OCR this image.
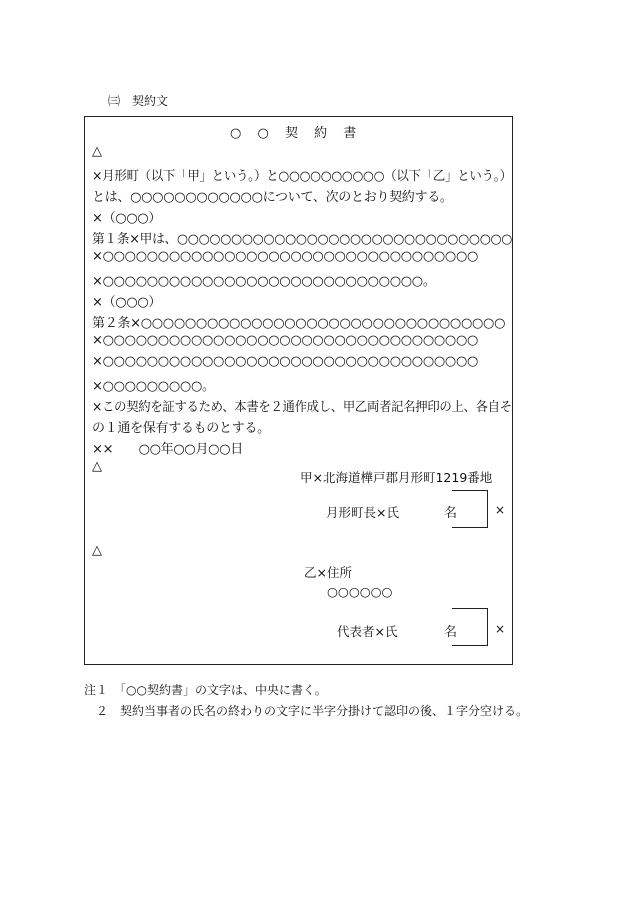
㈢　契約文
○ ○ 契 約 書
△
×月形町（以下「甲」という。）と○○○○○○○○○○（以下「乙」という。）
とは、○○○○○○○○○○○○について、次のとおり契約する。
×（○○○）
第１条×甲は、○○○○○○○○○○○○○○○○○○○○○○○○○○○○○○○
×○○○○○○○○○○○○○○○○○○○○○○○○○○○○○○○○○○
×○○○○○○○○○○○○○○○○○○○○○○○○○○○○○。
×（○○○）
第２条×○○○○○○○○○○○○○○○○○○○○○○○○○○○○○○○○○
×○○○○○○○○○○○○○○○○○○○○○○○○○○○○○○○○○○
×○○○○○○○○○○○○○○○○○○○○○○○○○○○○○○○○○○
×○○○○○○○○○。
×この契約を証するため、本書を２通作成し、甲乙両者記名押印の上、各自そ
の１通を保有するものとする。
××　　○○年○○月○○日
△
甲×北海道樺戸郡月形町1219番地
月形町長×氏	名	×
△
乙×住所
○○○○○○
代表者×氏	名	×
注１　「○○契約書」の文字は、中央に書く。
　２　契約当事者の氏名の終わりの文字に半字分掛けて認印の後、１字分空ける。
